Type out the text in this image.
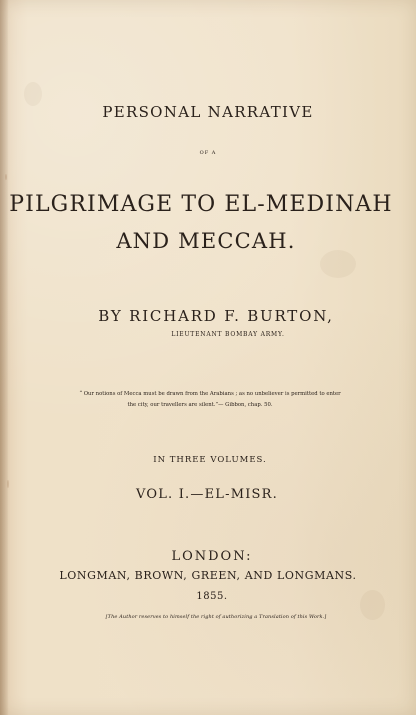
PERSONAL NARRATIVE
OF A
PILGRIMAGE TO EL-MEDINAH
AND MECCAH.
BY RICHARD F. BURTON,
LIEUTENANT BOMBAY ARMY.
“ Our notions of Mecca must be drawn from the Arabians ; as no unbeliever is permitted to enter
the city, our travellers are silent.”— Gibbon, chap. 50.
IN THREE VOLUMES.
VOL. I.—EL-MISR.
LONDON:
LONGMAN, BROWN, GREEN, AND LONGMANS.
1855.
[The Author reserves to himself the right of authorizing a Translation of this Work.]
